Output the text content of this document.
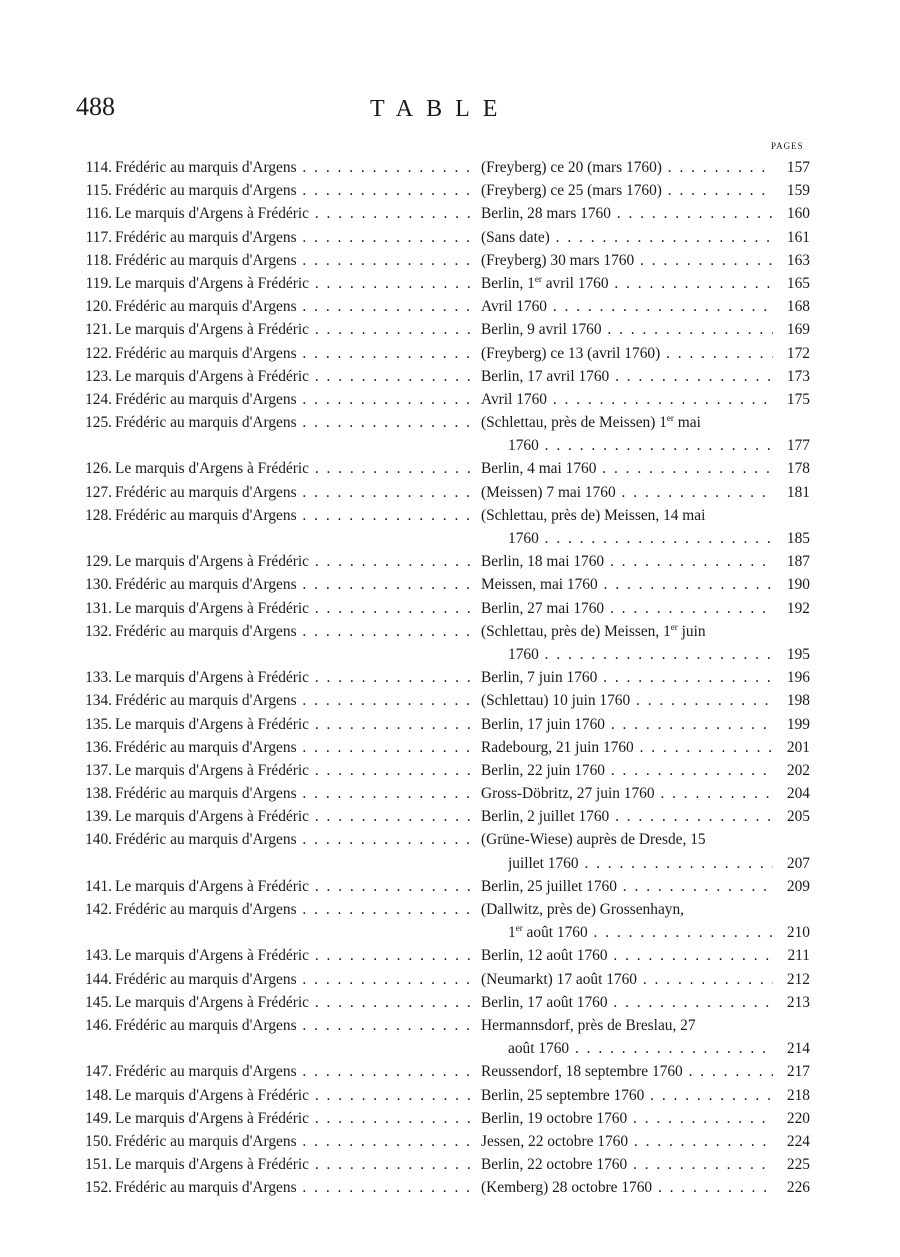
488	TABLE
PAGES
114. Frédéric au marquis d'Argens . . .	(Freyberg) ce 20 (mars 1760) . . .	157
115. Frédéric au marquis d'Argens . . .	(Freyberg) ce 25 (mars 1760) . . .	159
116. Le marquis d'Argens à Frédéric . . .	Berlin, 28 mars 1760 . . .	160
117. Frédéric au marquis d'Argens . . .	(Sans date) . . .	161
118. Frédéric au marquis d'Argens . . .	(Freyberg) 30 mars 1760 . . .	163
119. Le marquis d'Argens à Frédéric . . .	Berlin, 1er avril 1760 . . .	165
120. Frédéric au marquis d'Argens . . .	Avril 1760 . . .	168
121. Le marquis d'Argens à Frédéric . . .	Berlin, 9 avril 1760 . . .	169
122. Frédéric au marquis d'Argens . . .	(Freyberg) ce 13 (avril 1760) . . .	172
123. Le marquis d'Argens à Frédéric . . .	Berlin, 17 avril 1760 . . .	173
124. Frédéric au marquis d'Argens . . .	Avril 1760 . . .	175
125. Frédéric au marquis d'Argens . . .	(Schlettau, près de Meissen) 1er mai
1760 . . .	177
126. Le marquis d'Argens à Frédéric . . .	Berlin, 4 mai 1760 . . .	178
127. Frédéric au marquis d'Argens . . .	(Meissen) 7 mai 1760 . . .	181
128. Frédéric au marquis d'Argens . . .	(Schlettau, près de) Meissen, 14 mai
1760 . . .	185
129. Le marquis d'Argens à Frédéric . . .	Berlin, 18 mai 1760 . . .	187
130. Frédéric au marquis d'Argens . . .	Meissen, mai 1760 . . .	190
131. Le marquis d'Argens à Frédéric . . .	Berlin, 27 mai 1760 . . .	192
132. Frédéric au marquis d'Argens . . .	(Schlettau, près de) Meissen, 1er juin
1760 . . .	195
133. Le marquis d'Argens à Frédéric . . .	Berlin, 7 juin 1760 . . .	196
134. Frédéric au marquis d'Argens . . .	(Schlettau) 10 juin 1760 . . .	198
135. Le marquis d'Argens à Frédéric . . .	Berlin, 17 juin 1760 . . .	199
136. Frédéric au marquis d'Argens . . .	Radebourg, 21 juin 1760 . . .	201
137. Le marquis d'Argens à Frédéric . . .	Berlin, 22 juin 1760 . . .	202
138. Frédéric au marquis d'Argens . . .	Gross-Döbritz, 27 juin 1760 . . .	204
139. Le marquis d'Argens à Frédéric . . .	Berlin, 2 juillet 1760 . . .	205
140. Frédéric au marquis d'Argens . . .	(Grüne-Wiese) auprès de Dresde, 15
juillet 1760 . . .	207
141. Le marquis d'Argens à Frédéric . . .	Berlin, 25 juillet 1760 . . .	209
142. Frédéric au marquis d'Argens . . .	(Dallwitz, près de) Grossenhayn,
1er août 1760 . . .	210
143. Le marquis d'Argens à Frédéric . . .	Berlin, 12 août 1760 . . .	211
144. Frédéric au marquis d'Argens . . .	(Neumarkt) 17 août 1760 . . .	212
145. Le marquis d'Argens à Frédéric . . .	Berlin, 17 août 1760 . . .	213
146. Frédéric au marquis d'Argens . . .	Hermannsdorf, près de Breslau, 27
août 1760 . . .	214
147. Frédéric au marquis d'Argens . . .	Reussendorf, 18 septembre 1760 . . .	217
148. Le marquis d'Argens à Frédéric . . .	Berlin, 25 septembre 1760 . . .	218
149. Le marquis d'Argens à Frédéric . . .	Berlin, 19 octobre 1760 . . .	220
150. Frédéric au marquis d'Argens . . .	Jessen, 22 octobre 1760 . . .	224
151. Le marquis d'Argens à Frédéric . . .	Berlin, 22 octobre 1760 . . .	225
152. Frédéric au marquis d'Argens . . .	(Kemberg) 28 octobre 1760 . . .	226
